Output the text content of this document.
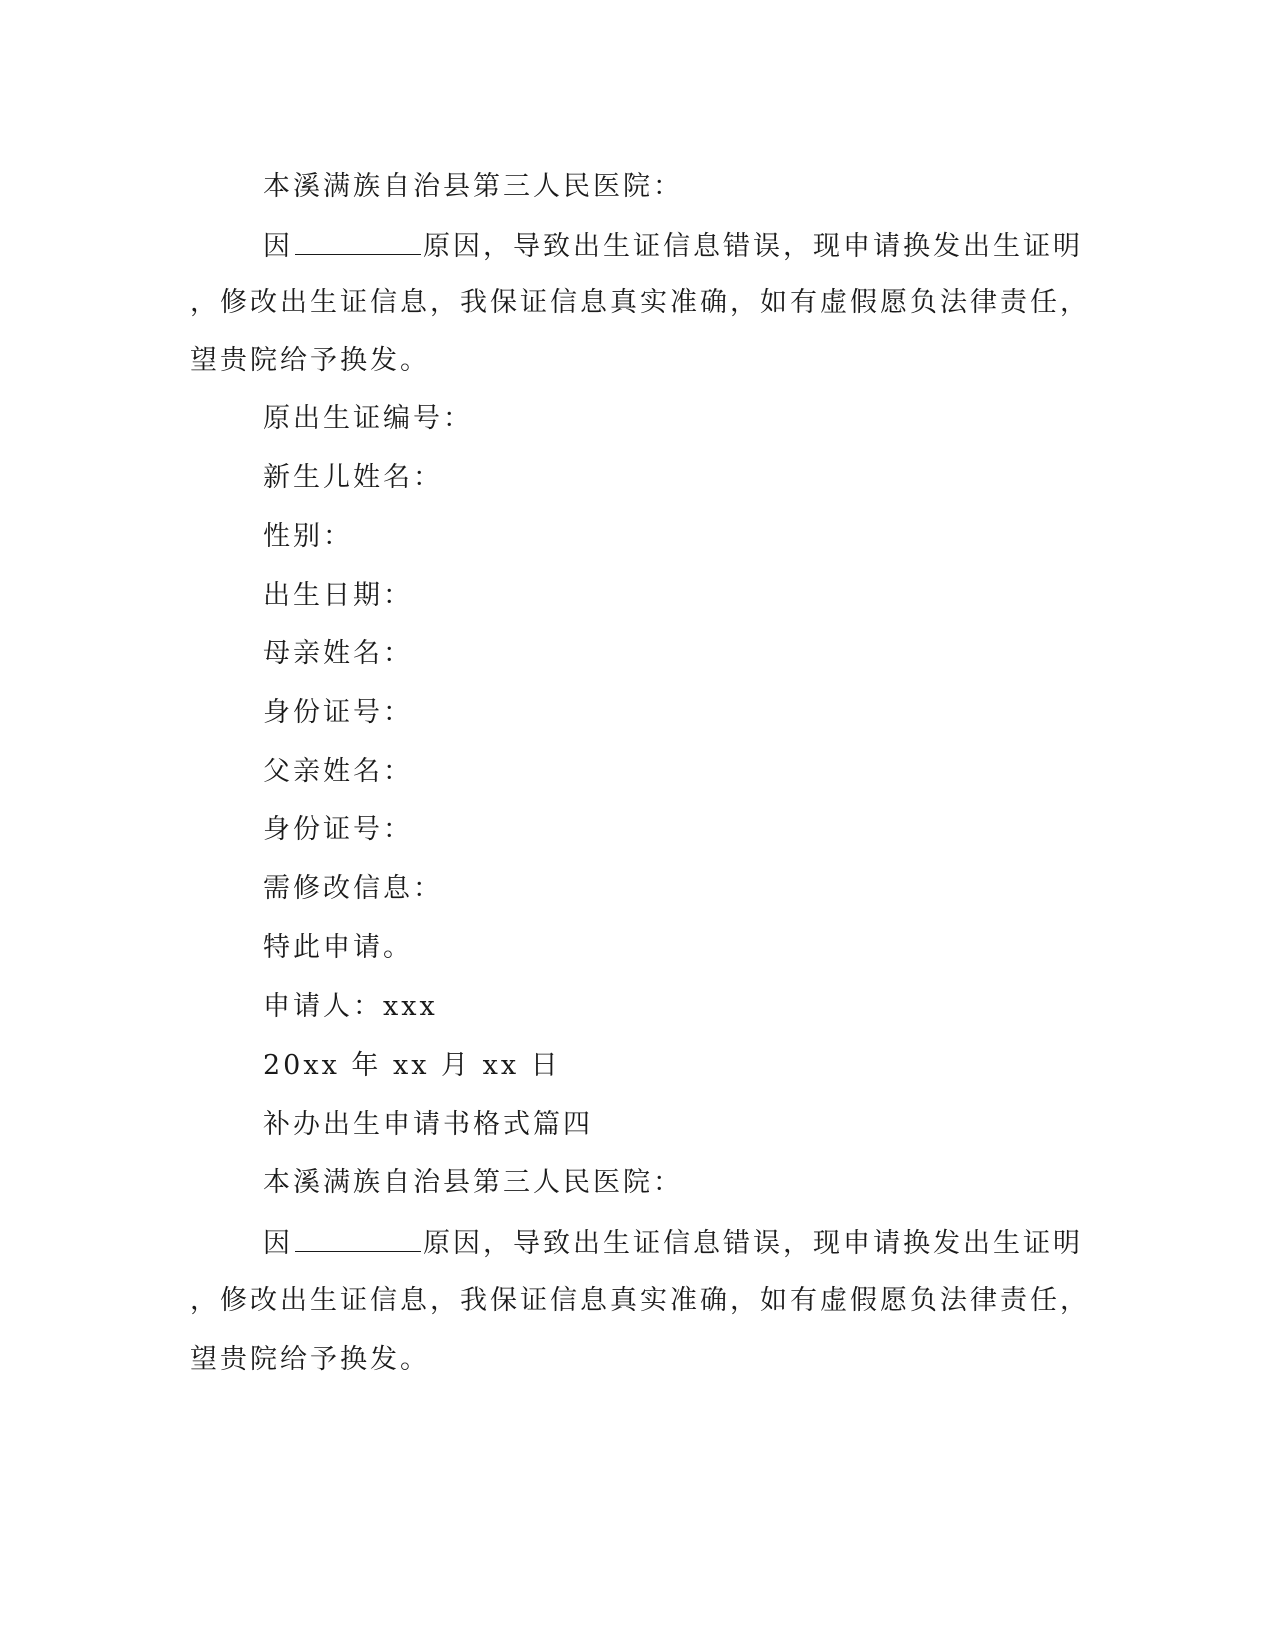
本溪满族自治县第三人民医院：
因	原因，导致出生证信息错误，现申请换发出生证明
，修改出生证信息，我保证信息真实准确，如有虚假愿负法律责任，
望贵院给予换发。
原出生证编号：
新生儿姓名：
性别：
出生日期：
母亲姓名：
身份证号：
父亲姓名：
身份证号：
需修改信息：
特此申请。
申请人：xxx
20xx 年 xx 月 xx 日
补办出生申请书格式篇四
本溪满族自治县第三人民医院：
因	原因，导致出生证信息错误，现申请换发出生证明
，修改出生证信息，我保证信息真实准确，如有虚假愿负法律责任，
望贵院给予换发。
